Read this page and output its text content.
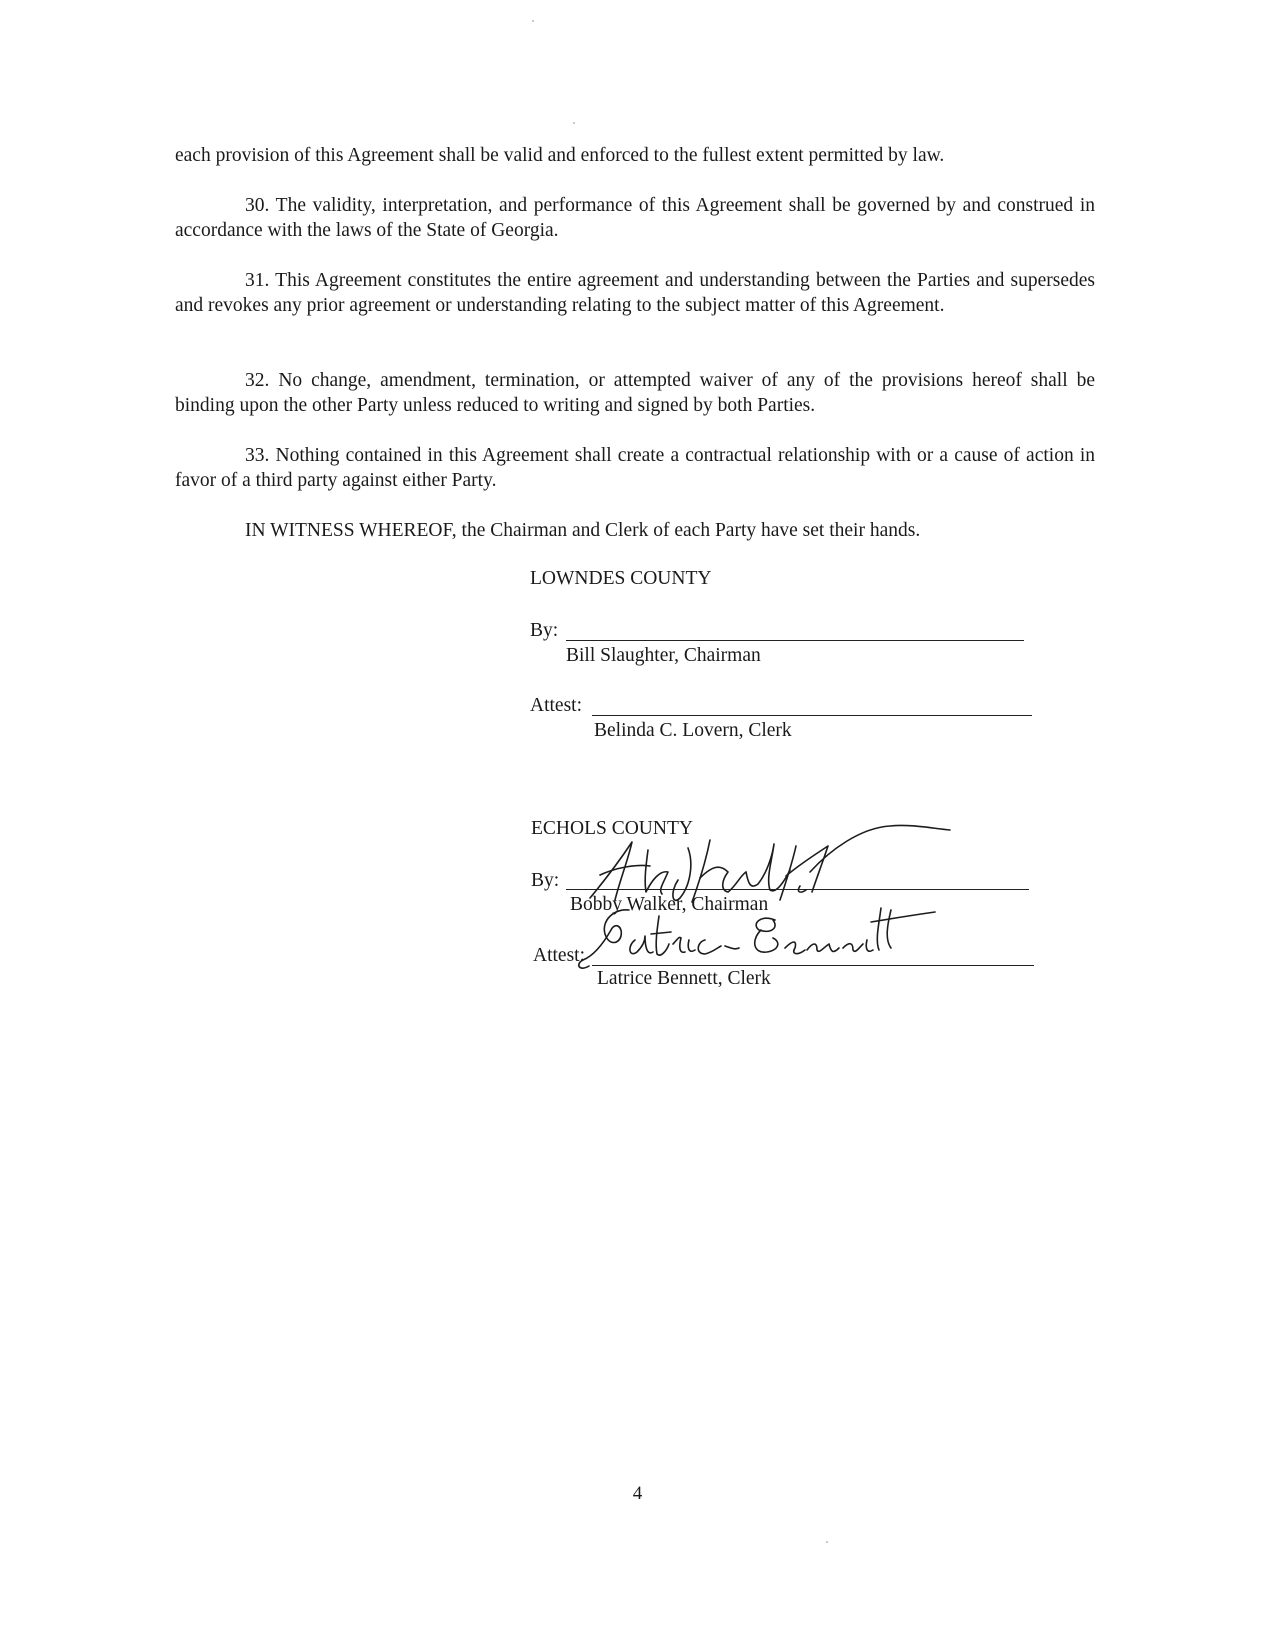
each provision of this Agreement shall be valid and enforced to the fullest extent permitted by law.

30. The validity, interpretation, and performance of this Agreement shall be governed by and construed in accordance with the laws of the State of Georgia.

31. This Agreement constitutes the entire agreement and understanding between the Parties and supersedes and revokes any prior agreement or understanding relating to the subject matter of this Agreement.

32. No change, amendment, termination, or attempted waiver of any of the provisions hereof shall be binding upon the other Party unless reduced to writing and signed by both Parties.

33. Nothing contained in this Agreement shall create a contractual relationship with or a cause of action in favor of a third party against either Party.

IN WITNESS WHEREOF, the Chairman and Clerk of each Party have set their hands.

LOWNDES COUNTY
By:
Bill Slaughter, Chairman
Attest:
Belinda C. Lovern, Clerk
ECHOLS COUNTY
By:
Bobby Walker, Chairman
Attest:
Latrice Bennett, Clerk
4
